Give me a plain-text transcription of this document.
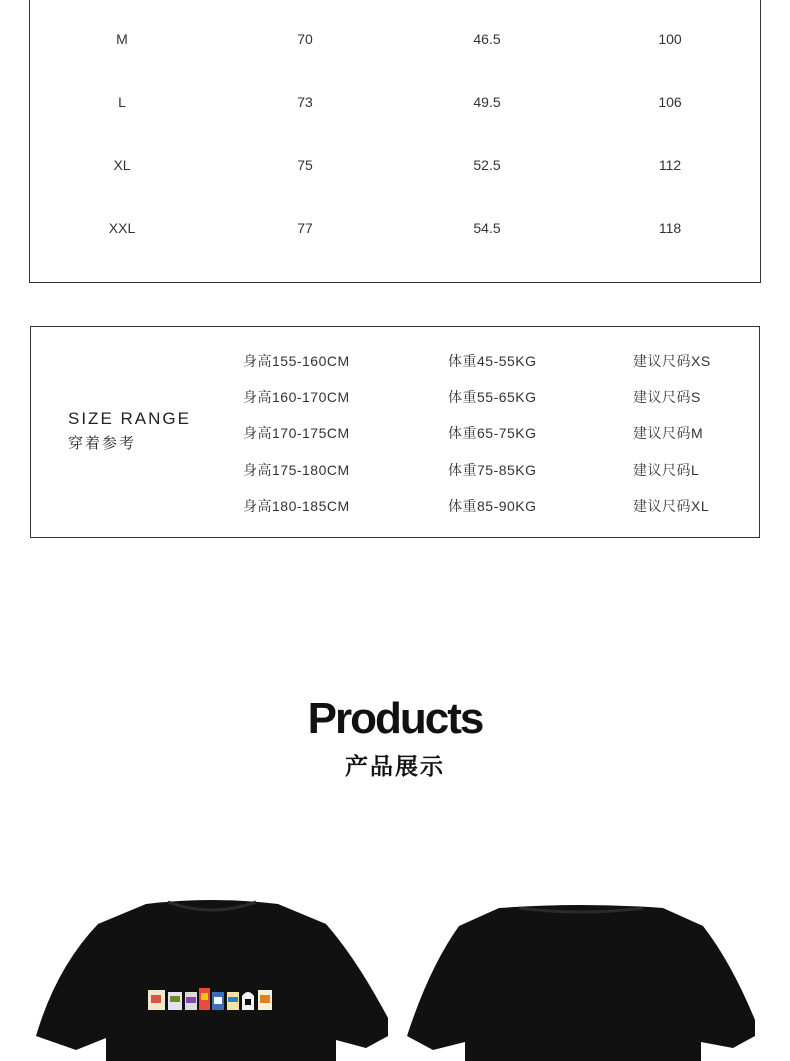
M	70	46.5	100
L	73	49.5	106
XL	75	52.5	112
XXL	77	54.5	118
SIZE RANGE
穿着参考
身高155-160CM	体重45-55KG	建议尺码XS
身高160-170CM	体重55-65KG	建议尺码S
身高170-175CM	体重65-75KG	建议尺码M
身高175-180CM	体重75-85KG	建议尺码L
身高180-185CM	体重85-90KG	建议尺码XL
Products
产品展示
